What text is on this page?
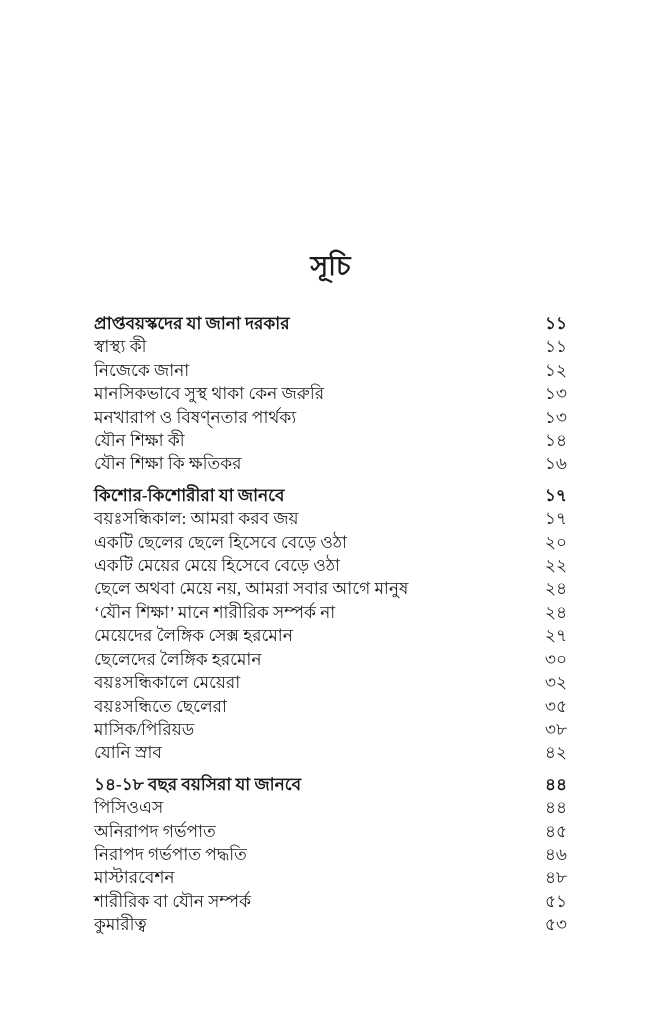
সূচি
প্রাপ্তবয়স্কদের যা জানা দরকার	১১
স্বাস্থ্য কী	১১
নিজেকে জানা	১২
মানসিকভাবে সুস্থ থাকা কেন জরুরি	১৩
মনখারাপ ও বিষণ্নতার পার্থক্য	১৩
যৌন শিক্ষা কী	১৪
যৌন শিক্ষা কি ক্ষতিকর	১৬
কিশোর-কিশোরীরা যা জানবে	১৭
বয়ঃসন্ধিকাল: আমরা করব জয়	১৭
একটি ছেলের ছেলে হিসেবে বেড়ে ওঠা	২০
একটি মেয়ের মেয়ে হিসেবে বেড়ে ওঠা	২২
ছেলে অথবা মেয়ে নয়, আমরা সবার আগে মানুষ	২৪
‘যৌন শিক্ষা’ মানে শারীরিক সম্পর্ক না	২৪
মেয়েদের লৈঙ্গিক সেক্স হরমোন	২৭
ছেলেদের লৈঙ্গিক হরমোন	৩০
বয়ঃসন্ধিকালে মেয়েরা	৩২
বয়ঃসন্ধিতে ছেলেরা	৩৫
মাসিক/পিরিয়ড	৩৮
যোনি স্রাব	৪২
১৪-১৮ বছর বয়সিরা যা জানবে	৪৪
পিসিওএস	৪৪
অনিরাপদ গর্ভপাত	৪৫
নিরাপদ গর্ভপাত পদ্ধতি	৪৬
মাস্টারবেশন	৪৮
শারীরিক বা যৌন সম্পর্ক	৫১
কুমারীত্ব	৫৩
